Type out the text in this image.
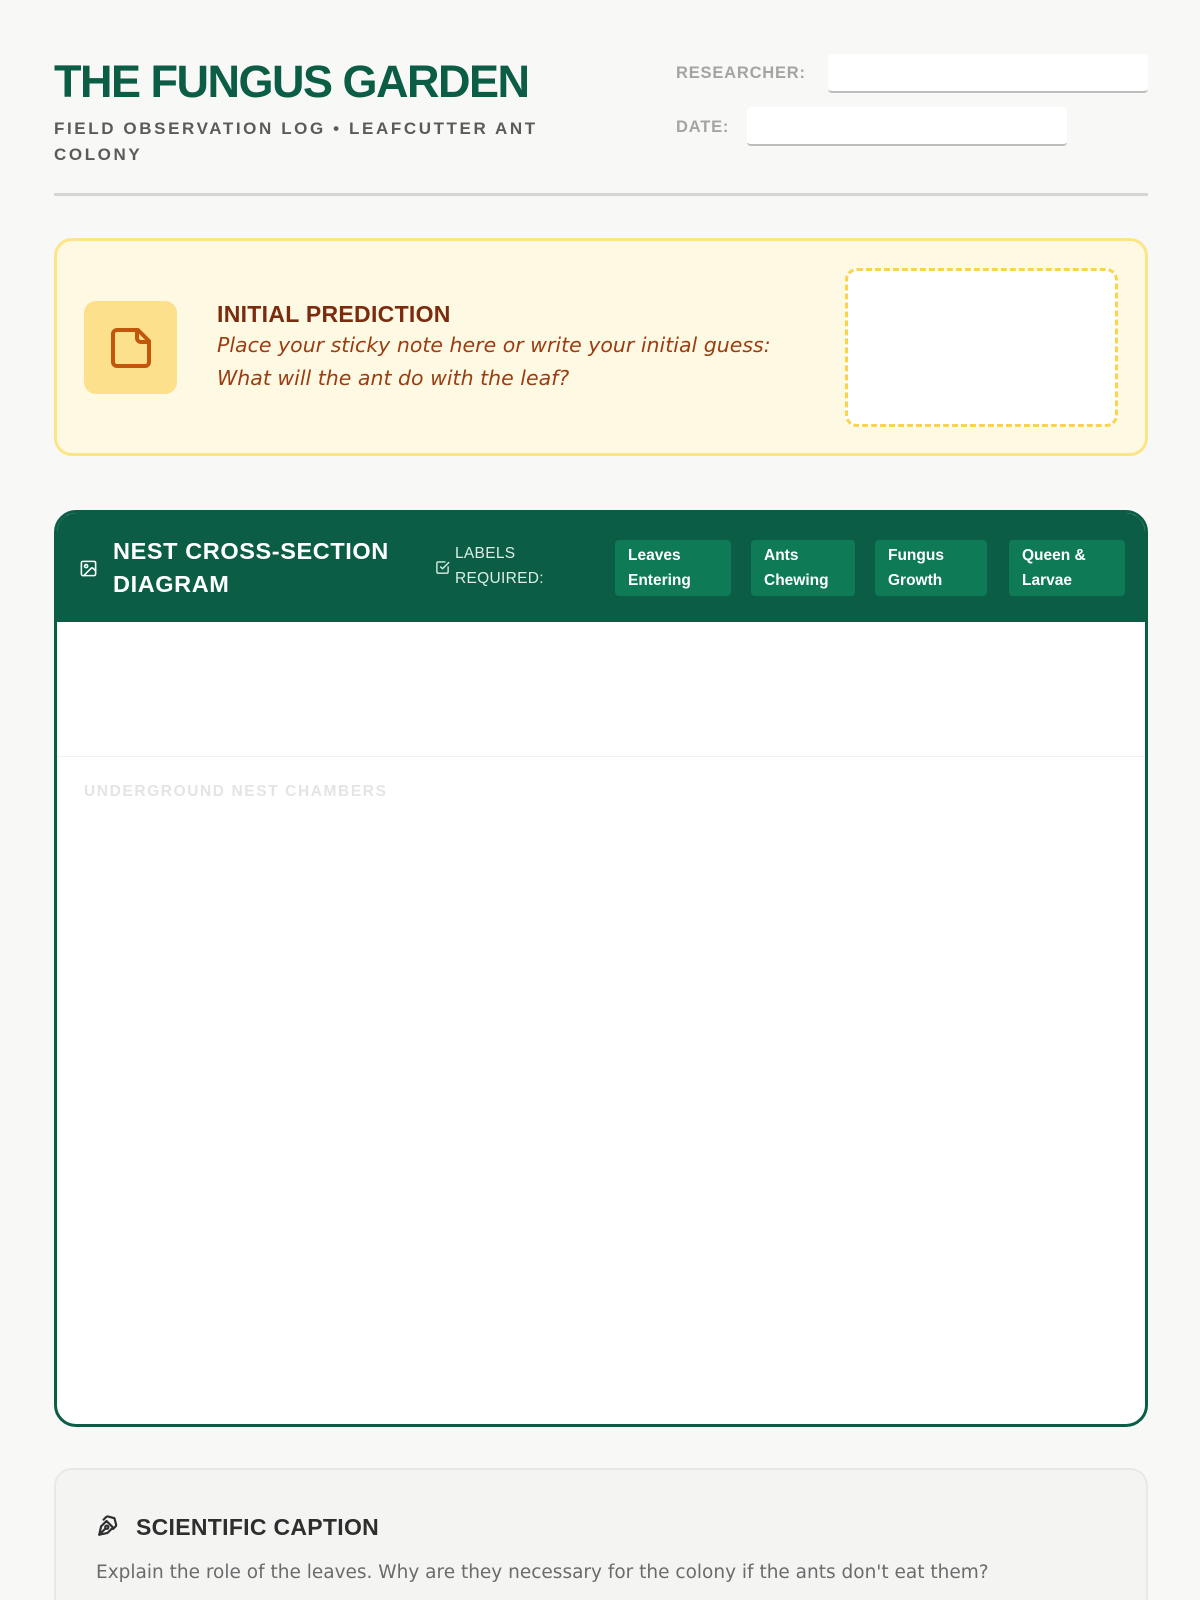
THE FUNGUS GARDEN
FIELD OBSERVATION LOG • LEAFCUTTER ANT COLONY
RESEARCHER:
DATE:
INITIAL PREDICTION
Place your sticky note here or write your initial guess:
What will the ant do with the leaf?
NEST CROSS-SECTION DIAGRAM
LABELS REQUIRED:
Leaves Entering
Ants Chewing
Fungus Growth
Queen & Larvae
UNDERGROUND NEST CHAMBERS
SCIENTIFIC CAPTION
Explain the role of the leaves. Why are they necessary for the colony if the ants don't eat them?
